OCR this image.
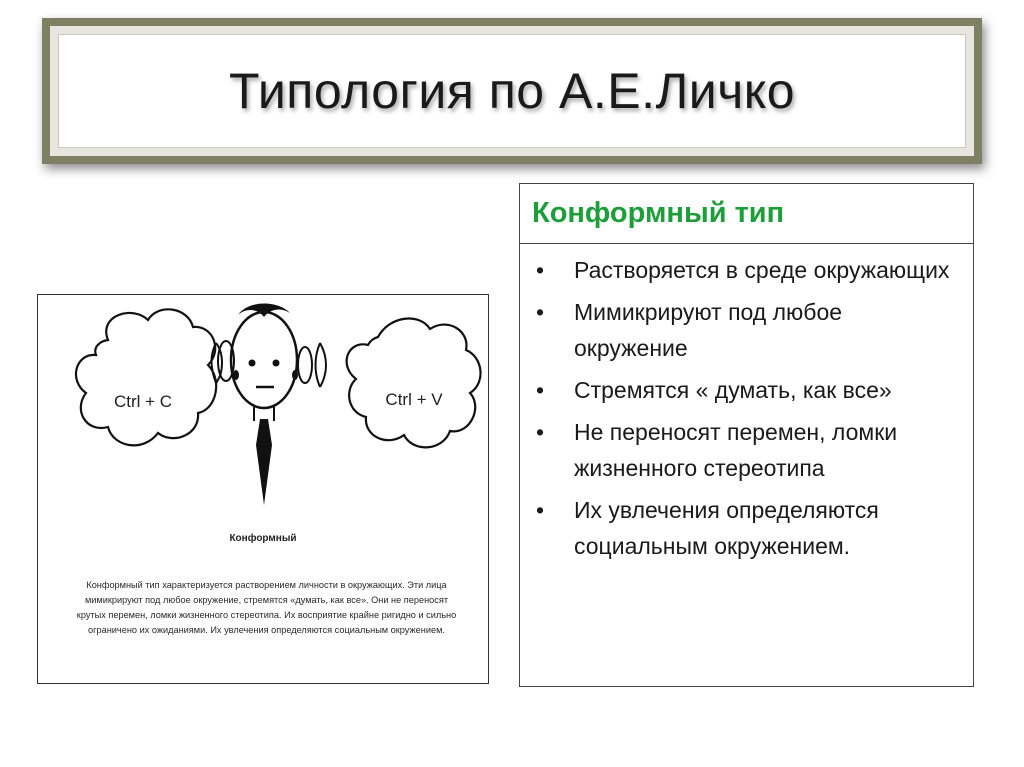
Типология по А.Е.Личко
Ctrl + C	Ctrl + V
Конформный
Конформный тип характеризуется растворением личности в окружающих. Эти лица мимикрируют под любое окружение, стремятся «думать, как все». Они не переносят крутых перемен, ломки жизненного стереотипа. Их восприятие крайне ригидно и сильно ограничено их ожиданиями. Их увлечения определяются социальным окружением.
Конформный тип
•	Растворяется в среде окружающих
•	Мимикрируют под любое окружение
•	Стремятся « думать, как все»
•	Не переносят перемен, ломки жизненного стереотипа
•	Их увлечения определяются социальным окружением.
